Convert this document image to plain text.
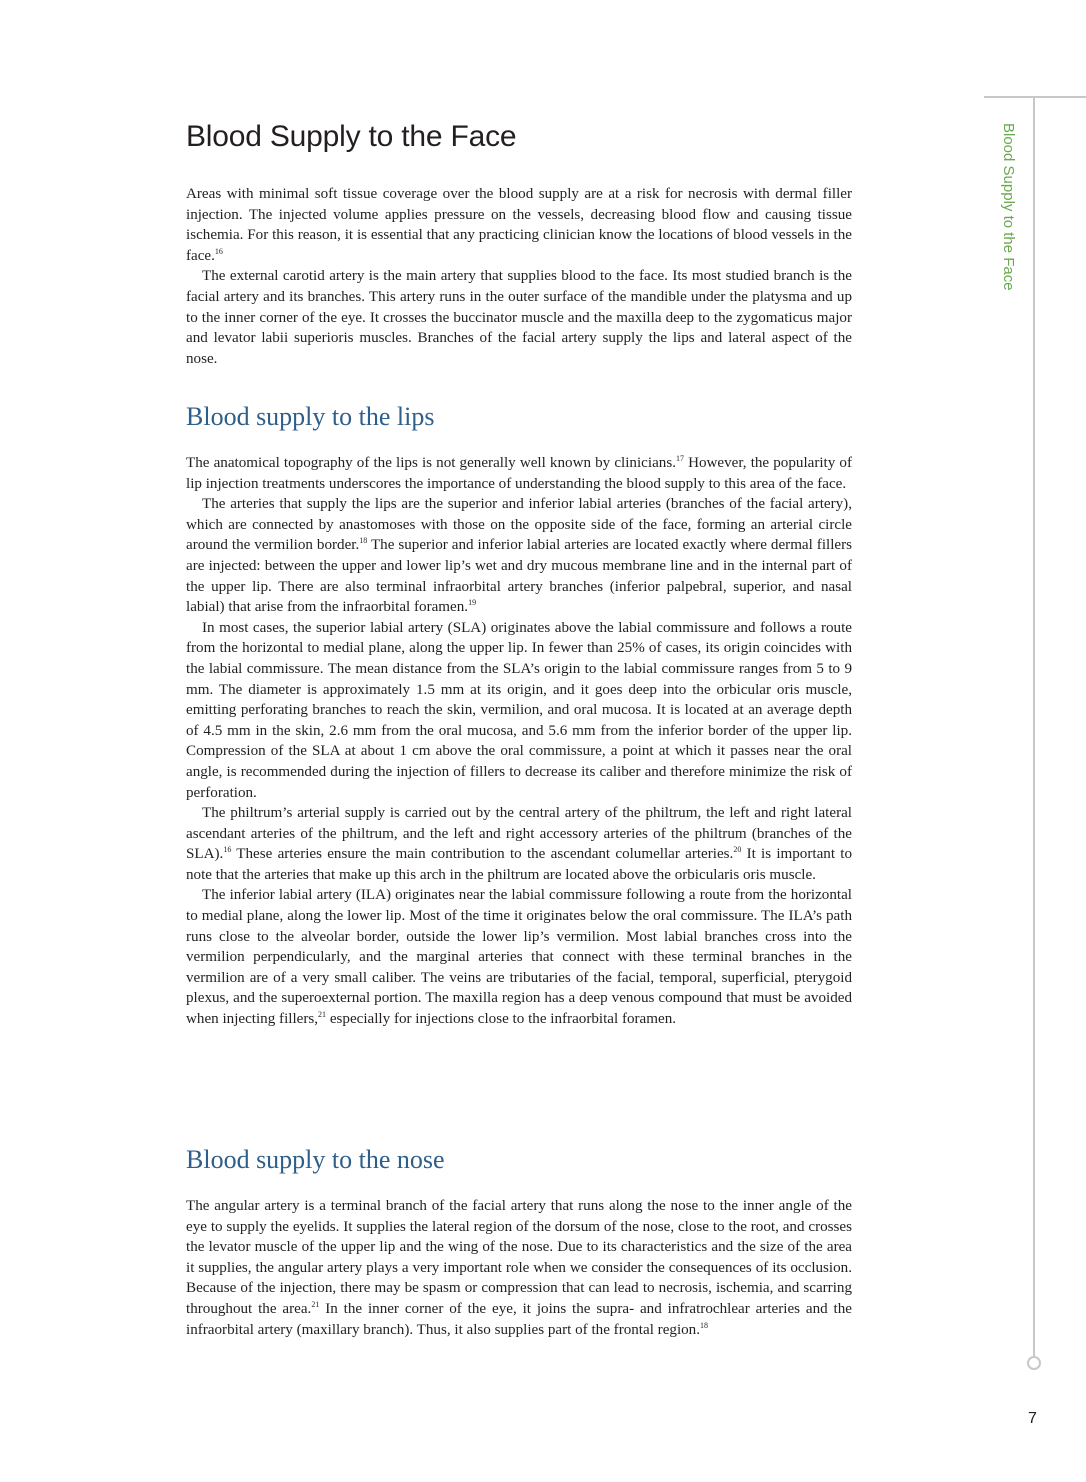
Blood Supply to the Face
Blood Supply to the Face

Areas with minimal soft tissue coverage over the blood supply are at a risk for necrosis with dermal filler injection. The injected volume applies pressure on the vessels, decreasing blood flow and causing tissue ischemia. For this reason, it is essential that any practicing clinician know the locations of blood vessels in the face.$^{16}$

The external carotid artery is the main artery that supplies blood to the face. Its most studied branch is the facial artery and its branches. This artery runs in the outer surface of the mandible under the platysma and up to the inner corner of the eye. It crosses the buccinator muscle and the maxilla deep to the zygomaticus major and levator labii superioris muscles. Branches of the facial artery supply the lips and lateral aspect of the nose.

Blood supply to the lips

The anatomical topography of the lips is not generally well known by clinicians.$^{17}$ However, the popularity of lip injection treatments underscores the importance of understanding the blood supply to this area of the face.

The arteries that supply the lips are the superior and inferior labial arteries (branches of the facial artery), which are connected by anastomoses with those on the opposite side of the face, forming an arterial circle around the vermilion border.$^{18}$ The superior and inferior labial arteries are located exactly where dermal fillers are injected: between the upper and lower lip’s wet and dry mucous membrane line and in the internal part of the upper lip. There are also terminal infraorbital artery branches (inferior palpebral, superior, and nasal labial) that arise from the infraorbital foramen.$^{19}$

In most cases, the superior labial artery (SLA) originates above the labial commissure and follows a route from the horizontal to medial plane, along the upper lip. In fewer than 25% of cases, its origin coincides with the labial commissure. The mean distance from the SLA’s origin to the labial commissure ranges from 5 to 9 mm. The diameter is approximately 1.5 mm at its origin, and it goes deep into the orbicular oris muscle, emitting perforating branches to reach the skin, vermilion, and oral mucosa. It is located at an average depth of 4.5 mm in the skin, 2.6 mm from the oral mucosa, and 5.6 mm from the inferior border of the upper lip. Compression of the SLA at about 1 cm above the oral commissure, a point at which it passes near the oral angle, is recommended during the injection of fillers to decrease its caliber and therefore minimize the risk of perforation.

The philtrum’s arterial supply is carried out by the central artery of the philtrum, the left and right lateral ascendant arteries of the philtrum, and the left and right accessory arteries of the philtrum (branches of the SLA).$^{16}$ These arteries ensure the main contribution to the ascendant columellar arteries.$^{20}$ It is important to note that the arteries that make up this arch in the philtrum are located above the orbicularis oris muscle.

The inferior labial artery (ILA) originates near the labial commissure following a route from the horizontal to medial plane, along the lower lip. Most of the time it originates below the oral commissure. The ILA’s path runs close to the alveolar border, outside the lower lip’s vermilion. Most labial branches cross into the vermilion perpendicularly, and the marginal arteries that connect with these terminal branches in the vermilion are of a very small caliber. The veins are tributaries of the facial, temporal, superficial, pterygoid plexus, and the superoexternal portion. The maxilla region has a deep venous compound that must be avoided when injecting fillers,$^{21}$ especially for injections close to the infraorbital foramen.

Blood supply to the nose

The angular artery is a terminal branch of the facial artery that runs along the nose to the inner angle of the eye to supply the eyelids. It supplies the lateral region of the dorsum of the nose, close to the root, and crosses the levator muscle of the upper lip and the wing of the nose. Due to its characteristics and the size of the area it supplies, the angular artery plays a very important role when we consider the consequences of its occlusion. Because of the injection, there may be spasm or compression that can lead to necrosis, ischemia, and scarring throughout the area.$^{21}$ In the inner corner of the eye, it joins the supra- and infratrochlear arteries and the infraorbital artery (maxillary branch). Thus, it also supplies part of the frontal region.$^{18}$

7
